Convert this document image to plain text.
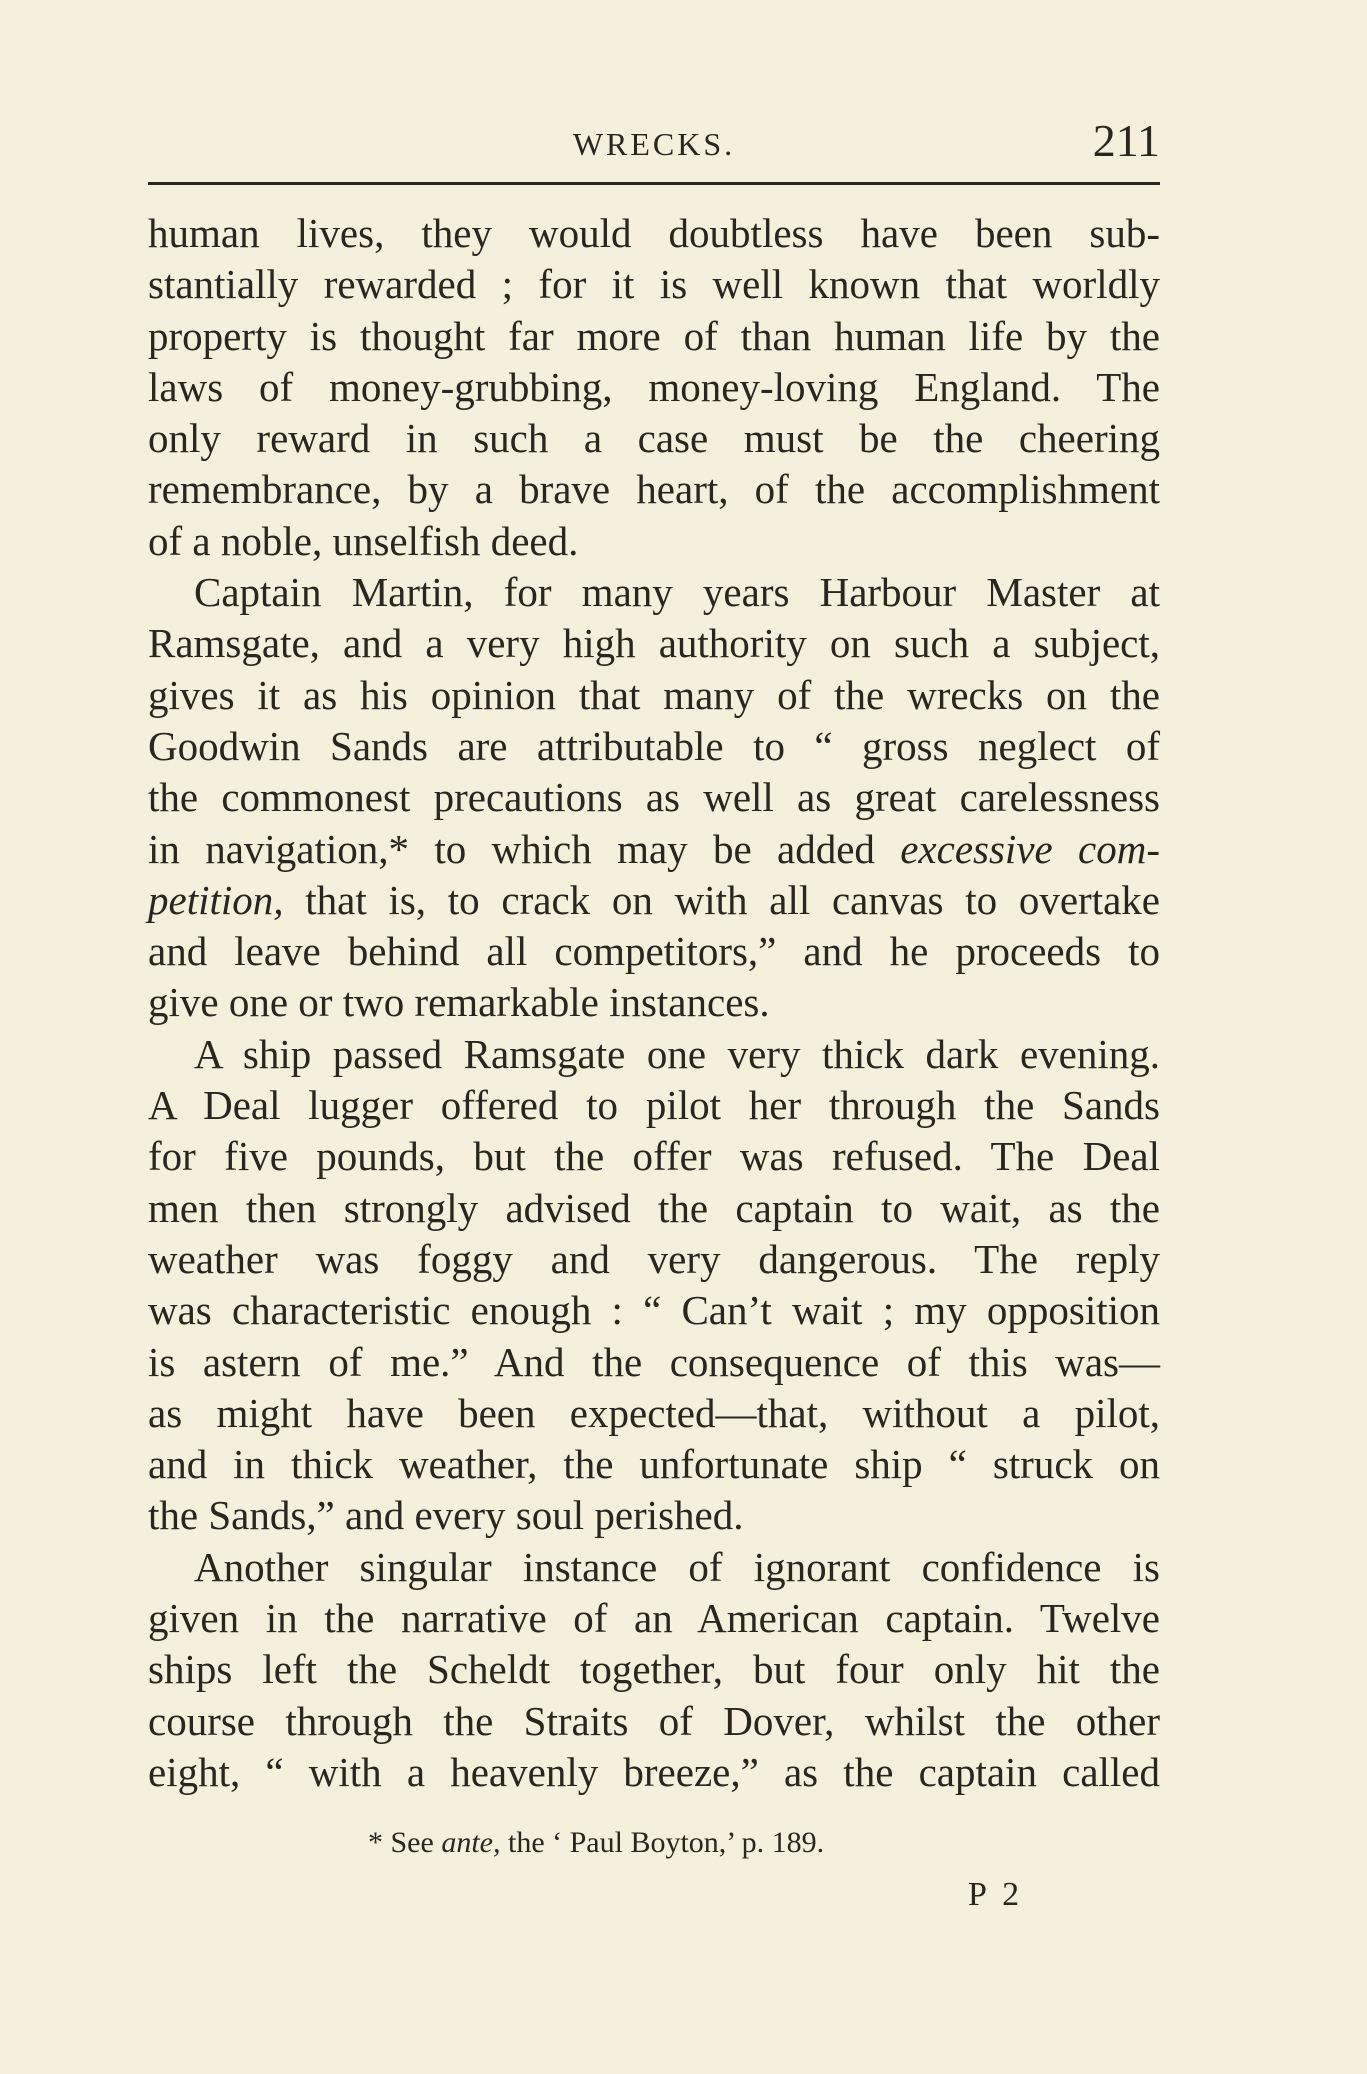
WRECKS.	211
human lives, they would doubtless have been sub-
stantially rewarded ; for it is well known that worldly
property is thought far more of than human life by the
laws of money-grubbing, money-loving England. The
only reward in such a case must be the cheering
remembrance, by a brave heart, of the accomplishment
of a noble, unselfish deed.
Captain Martin, for many years Harbour Master at
Ramsgate, and a very high authority on such a subject,
gives it as his opinion that many of the wrecks on the
Goodwin Sands are attributable to “ gross neglect of
the commonest precautions as well as great carelessness
in navigation,* to which may be added excessive com-
petition, that is, to crack on with all canvas to overtake
and leave behind all competitors,” and he proceeds to
give one or two remarkable instances.
A ship passed Ramsgate one very thick dark evening.
A Deal lugger offered to pilot her through the Sands
for five pounds, but the offer was refused. The Deal
men then strongly advised the captain to wait, as the
weather was foggy and very dangerous. The reply
was characteristic enough : “ Can’t wait ; my opposition
is astern of me.” And the consequence of this was—
as might have been expected—that, without a pilot,
and in thick weather, the unfortunate ship “ struck on
the Sands,” and every soul perished.
Another singular instance of ignorant confidence is
given in the narrative of an American captain. Twelve
ships left the Scheldt together, but four only hit the
course through the Straits of Dover, whilst the other
eight, “ with a heavenly breeze,” as the captain called
* See ante, the ‘ Paul Boyton,’ p. 189.
P 2
